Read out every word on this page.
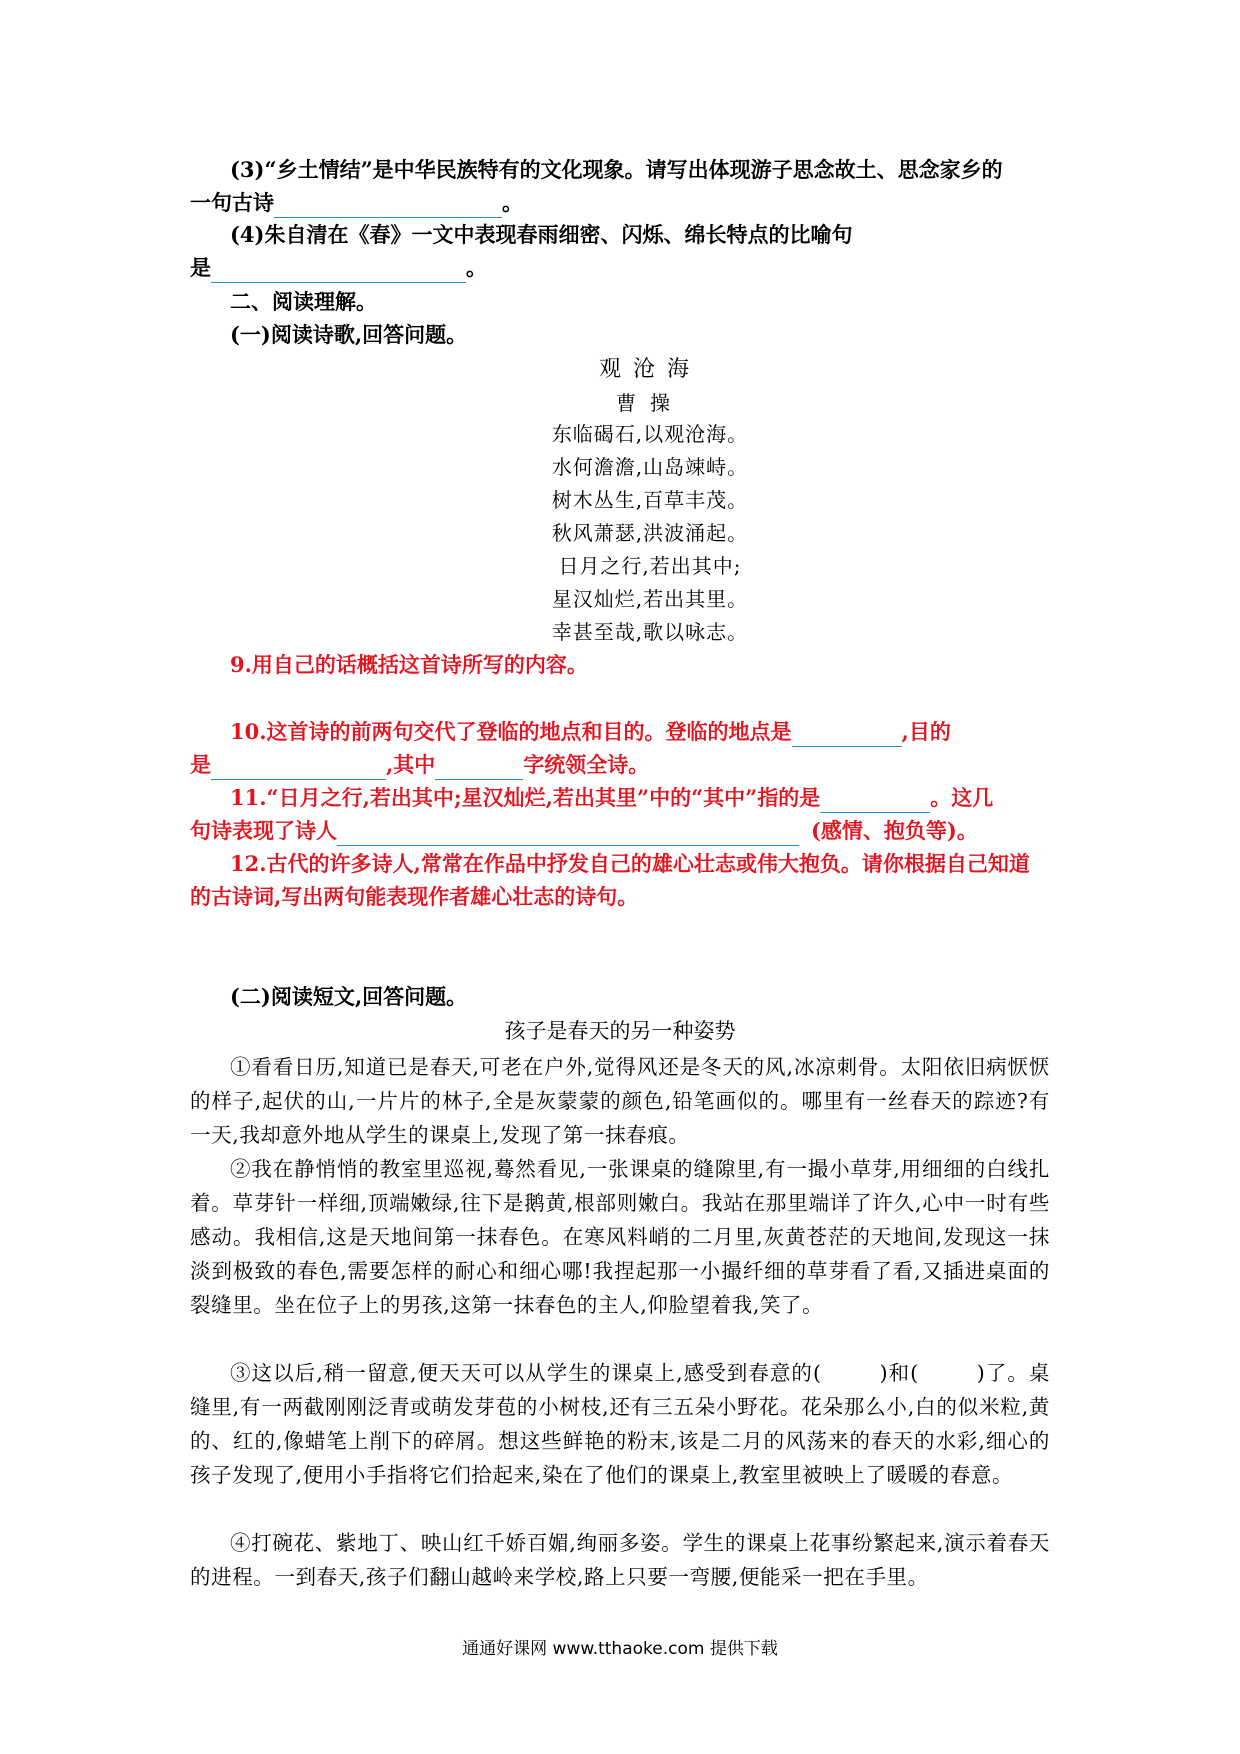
(3)“乡土情结”是中华民族特有的文化现象。请写出体现游子思念故土、思念家乡的
一句古诗	。
(4)朱自清在《春》一文中表现春雨细密、闪烁、绵长特点的比喻句
是	。
二、阅读理解。
(一)阅读诗歌,回答问题。
观沧海
曹操
东临碣石,以观沧海。
水何澹澹,山岛竦峙。
树木丛生,百草丰茂。
秋风萧瑟,洪波涌起。
日月之行,若出其中;
星汉灿烂,若出其里。
幸甚至哉,歌以咏志。
9.用自己的话概括这首诗所写的内容。
10.这首诗的前两句交代了登临的地点和目的。登临的地点是	,目的
是	,其中	字统领全诗。
11.“日月之行,若出其中;星汉灿烂,若出其里”中的“其中”指的是	。这几
句诗表现了诗人	(感情、抱负等)。
12.古代的许多诗人,常常在作品中抒发自己的雄心壮志或伟大抱负。请你根据自己知道
的古诗词,写出两句能表现作者雄心壮志的诗句。
(二)阅读短文,回答问题。
孩子是春天的另一种姿势
①看看日历,知道已是春天,可老在户外,觉得风还是冬天的风,冰凉刺骨。太阳依旧病恹恹的样子,起伏的山,一片片的林子,全是灰蒙蒙的颜色,铅笔画似的。哪里有一丝春天的踪迹?有一天,我却意外地从学生的课桌上,发现了第一抹春痕。
②我在静悄悄的教室里巡视,蓦然看见,一张课桌的缝隙里,有一撮小草芽,用细细的白线扎着。草芽针一样细,顶端嫩绿,往下是鹅黄,根部则嫩白。我站在那里端详了许久,心中一时有些感动。我相信,这是天地间第一抹春色。在寒风料峭的二月里,灰黄苍茫的天地间,发现这一抹淡到极致的春色,需要怎样的耐心和细心哪!我捏起那一小撮纤细的草芽看了看,又插进桌面的裂缝里。坐在位子上的男孩,这第一抹春色的主人,仰脸望着我,笑了。
③这以后,稍一留意,便天天可以从学生的课桌上,感受到春意的(	)和(	)了。桌缝里,有一两截刚刚泛青或萌发芽苞的小树枝,还有三五朵小野花。花朵那么小,白的似米粒,黄的、红的,像蜡笔上削下的碎屑。想这些鲜艳的粉末,该是二月的风荡来的春天的水彩,细心的孩子发现了,便用小手指将它们拾起来,染在了他们的课桌上,教室里被映上了暖暖的春意。
④打碗花、紫地丁、映山红千娇百媚,绚丽多姿。学生的课桌上花事纷繁起来,演示着春天的进程。一到春天,孩子们翻山越岭来学校,路上只要一弯腰,便能采一把在手里。
通通好课网 www.tthaoke.com 提供下载
